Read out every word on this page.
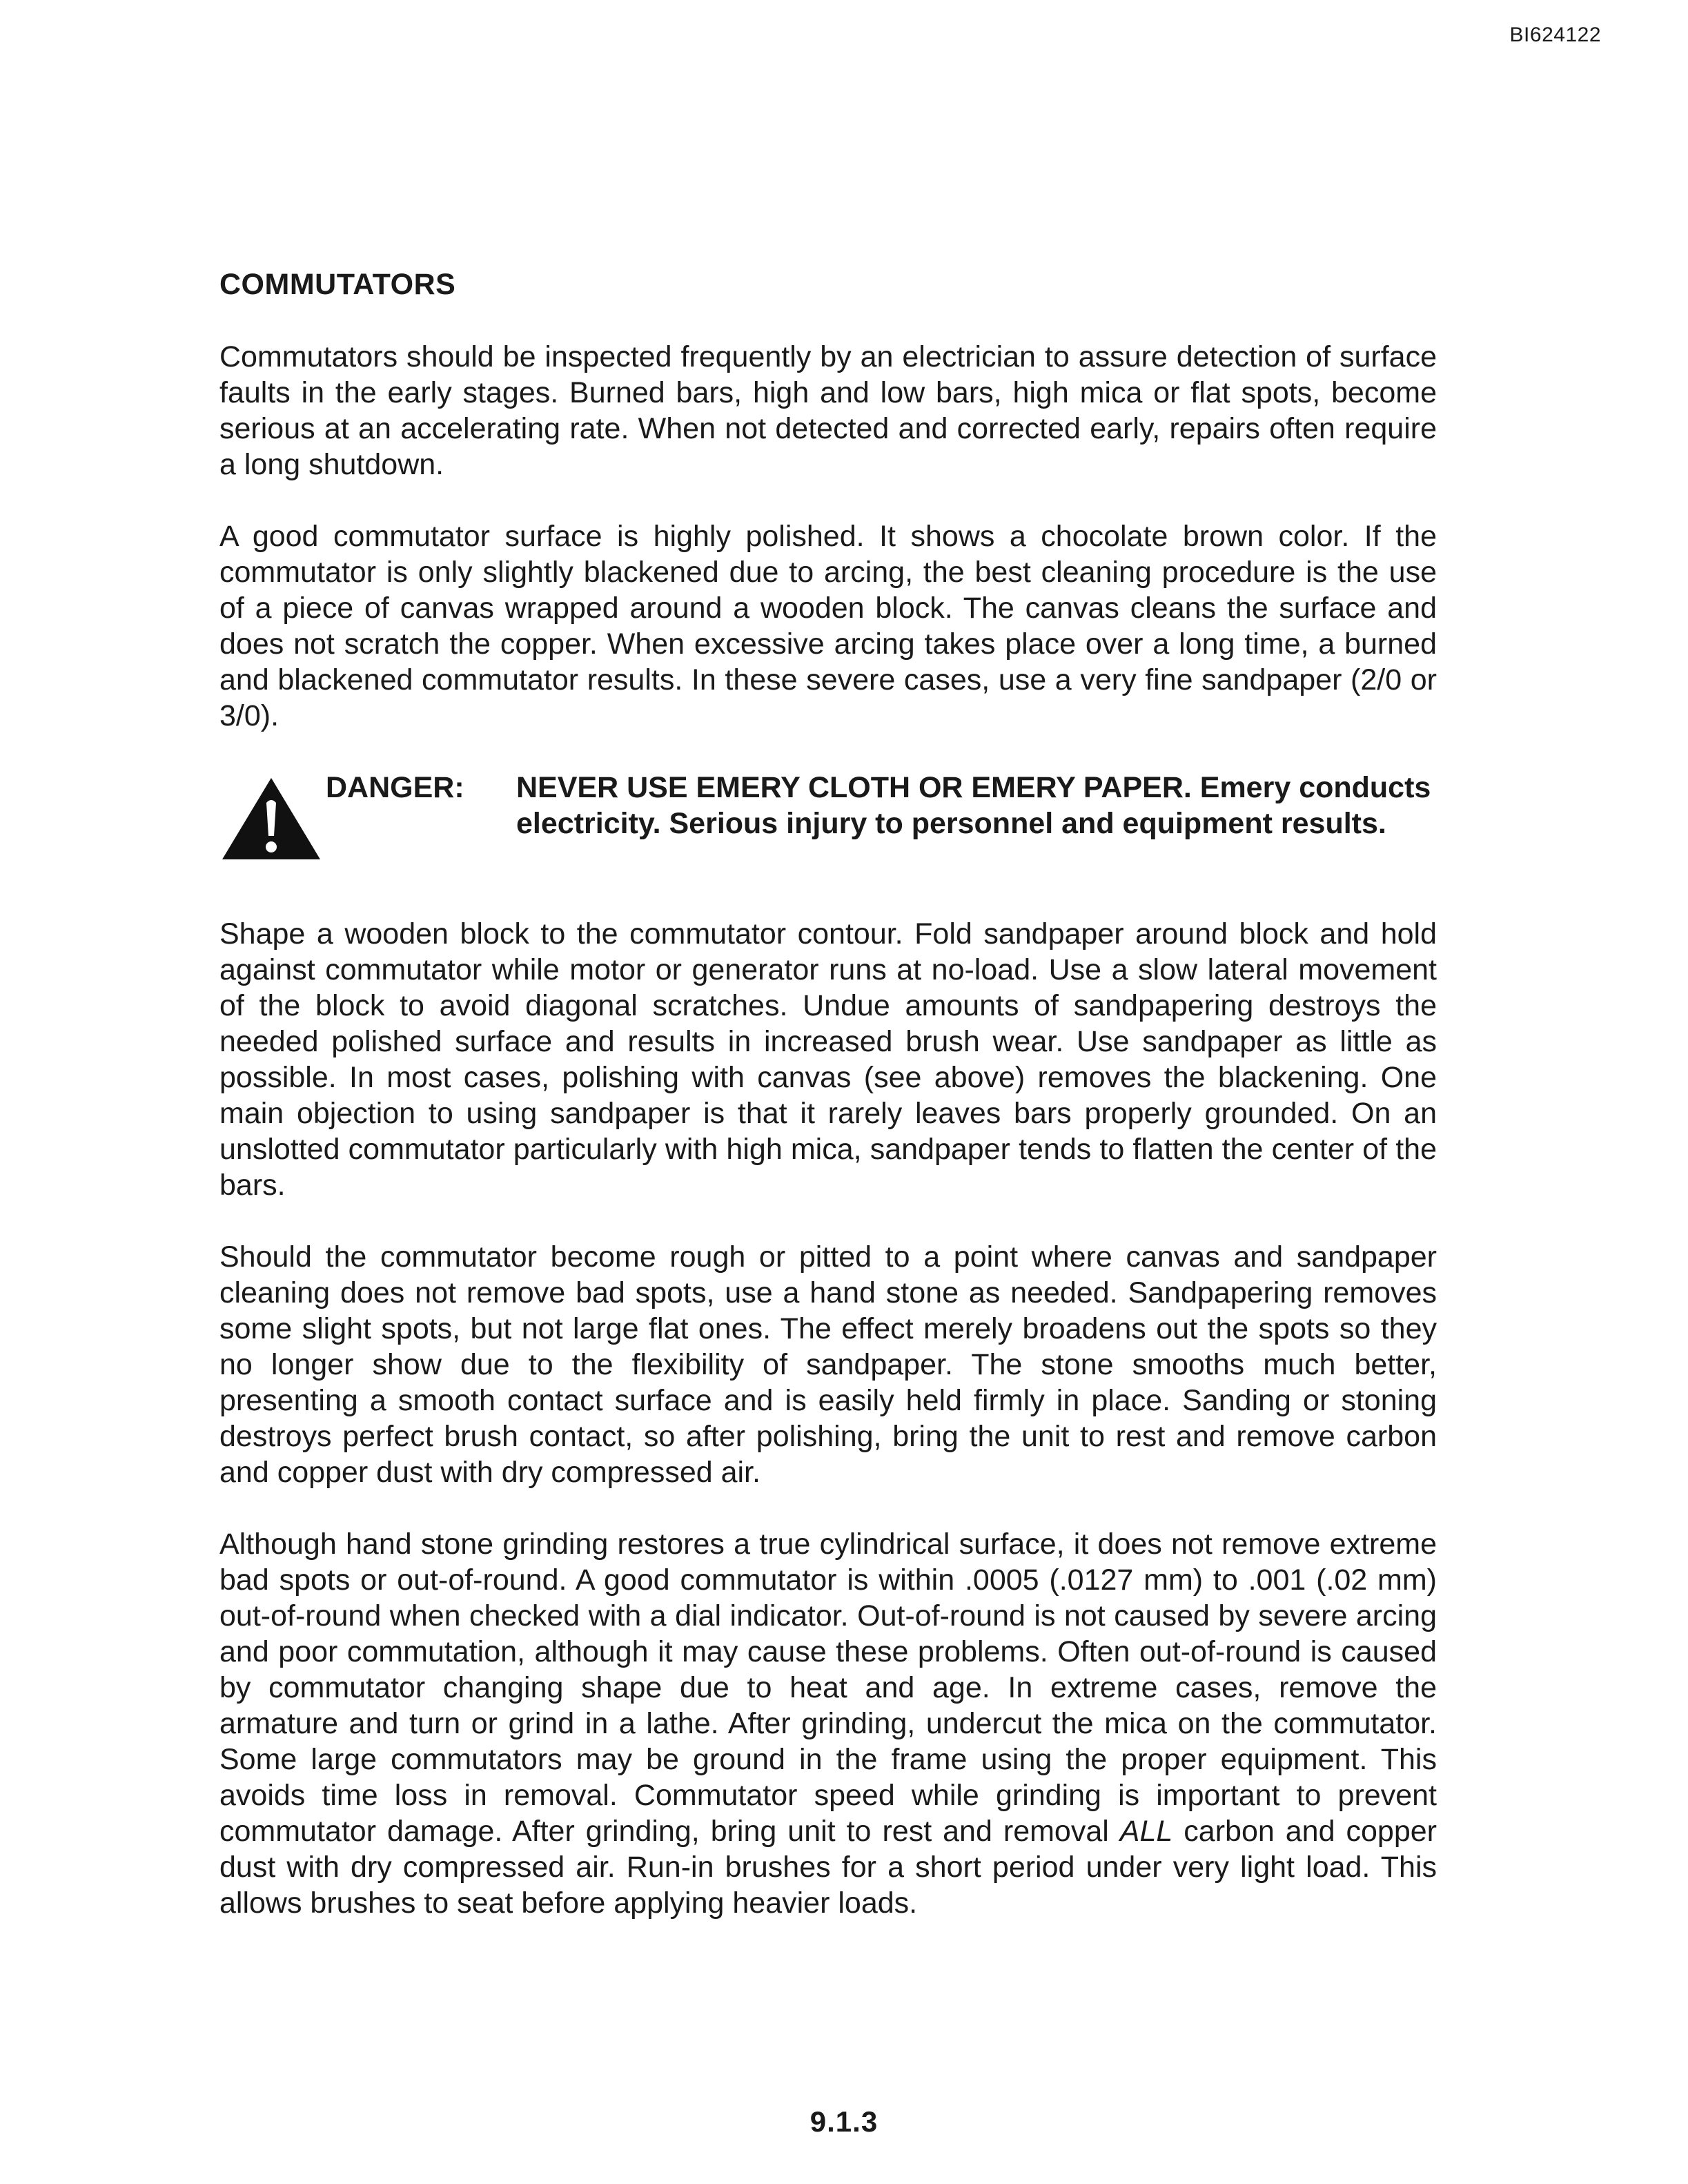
BI624122
COMMUTATORS

Commutators should be inspected frequently by an electrician to assure detection of surface faults in the early stages. Burned bars, high and low bars, high mica or flat spots, become serious at an accelerating rate. When not detected and corrected early, repairs often require a long shutdown.

A good commutator surface is highly polished. It shows a chocolate brown color. If the commutator is only slightly blackened due to arcing, the best cleaning procedure is the use of a piece of canvas wrapped around a wooden block. The canvas cleans the surface and does not scratch the copper. When excessive arcing takes place over a long time, a burned and blackened commutator results. In these severe cases, use a very fine sandpaper (2/0 or 3/0).

DANGER:	NEVER USE EMERY CLOTH OR EMERY PAPER. Emery conducts electricity. Serious injury to personnel and equipment results.

Shape a wooden block to the commutator contour. Fold sandpaper around block and hold against commutator while motor or generator runs at no-load. Use a slow lateral movement of the block to avoid diagonal scratches. Undue amounts of sandpapering destroys the needed polished surface and results in increased brush wear. Use sandpaper as little as possible. In most cases, polishing with canvas (see above) removes the blackening. One main objection to using sandpaper is that it rarely leaves bars properly grounded. On an unslotted commutator particularly with high mica, sandpaper tends to flatten the center of the bars.

Should the commutator become rough or pitted to a point where canvas and sandpaper cleaning does not remove bad spots, use a hand stone as needed. Sandpapering removes some slight spots, but not large flat ones. The effect merely broadens out the spots so they no longer show due to the flexibility of sandpaper. The stone smooths much better, presenting a smooth contact surface and is easily held firmly in place. Sanding or stoning destroys perfect brush contact, so after polishing, bring the unit to rest and remove carbon and copper dust with dry compressed air.

Although hand stone grinding restores a true cylindrical surface, it does not remove extreme bad spots or out-of-round. A good commutator is within .0005 (.0127 mm) to .001 (.02 mm) out-of-round when checked with a dial indicator. Out-of-round is not caused by severe arcing and poor commutation, although it may cause these problems. Often out-of-round is caused by commutator changing shape due to heat and age. In extreme cases, remove the armature and turn or grind in a lathe. After grinding, undercut the mica on the commutator. Some large commutators may be ground in the frame using the proper equipment. This avoids time loss in removal. Commutator speed while grinding is important to prevent commutator damage. After grinding, bring unit to rest and removal ALL carbon and copper dust with dry compressed air. Run-in brushes for a short period under very light load. This allows brushes to seat before applying heavier loads.

9.1.3
